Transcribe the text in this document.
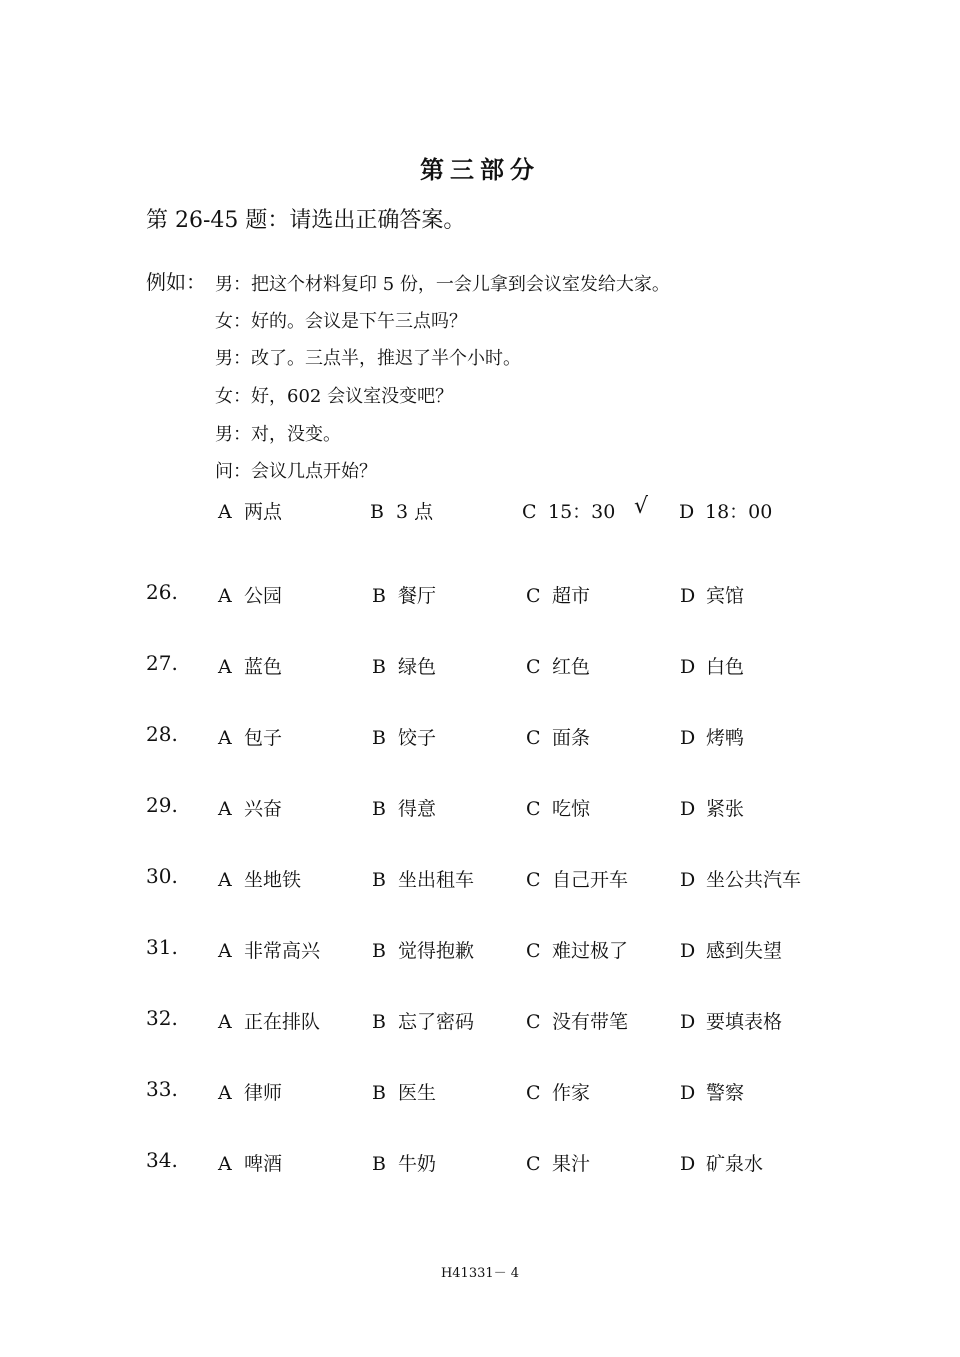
第三部分
第 26-45 题：请选出正确答案。
例如： 男：把这个材料复印 5 份，一会儿拿到会议室发给大家。
女：好的。会议是下午三点吗？
男：改了。三点半，推迟了半个小时。
女：好，602 会议室没变吧？
男：对，没变。
问：会议几点开始？
A 两点	B 3 点	C 15：30 √ D 18：00
26. A 公园	B 餐厅	C 超市	D 宾馆
27. A 蓝色	B 绿色	C 红色	D 白色
28. A 包子	B 饺子	C 面条	D 烤鸭
29. A 兴奋	B 得意	C 吃惊	D 紧张
30. A 坐地铁	B 坐出租车	C 自己开车	D 坐公共汽车
31. A 非常高兴	B 觉得抱歉	C 难过极了	D 感到失望
32. A 正在排队	B 忘了密码	C 没有带笔	D 要填表格
33. A 律师	B 医生	C 作家	D 警察
34. A 啤酒	B 牛奶	C 果汁	D 矿泉水
H41331－ 4
